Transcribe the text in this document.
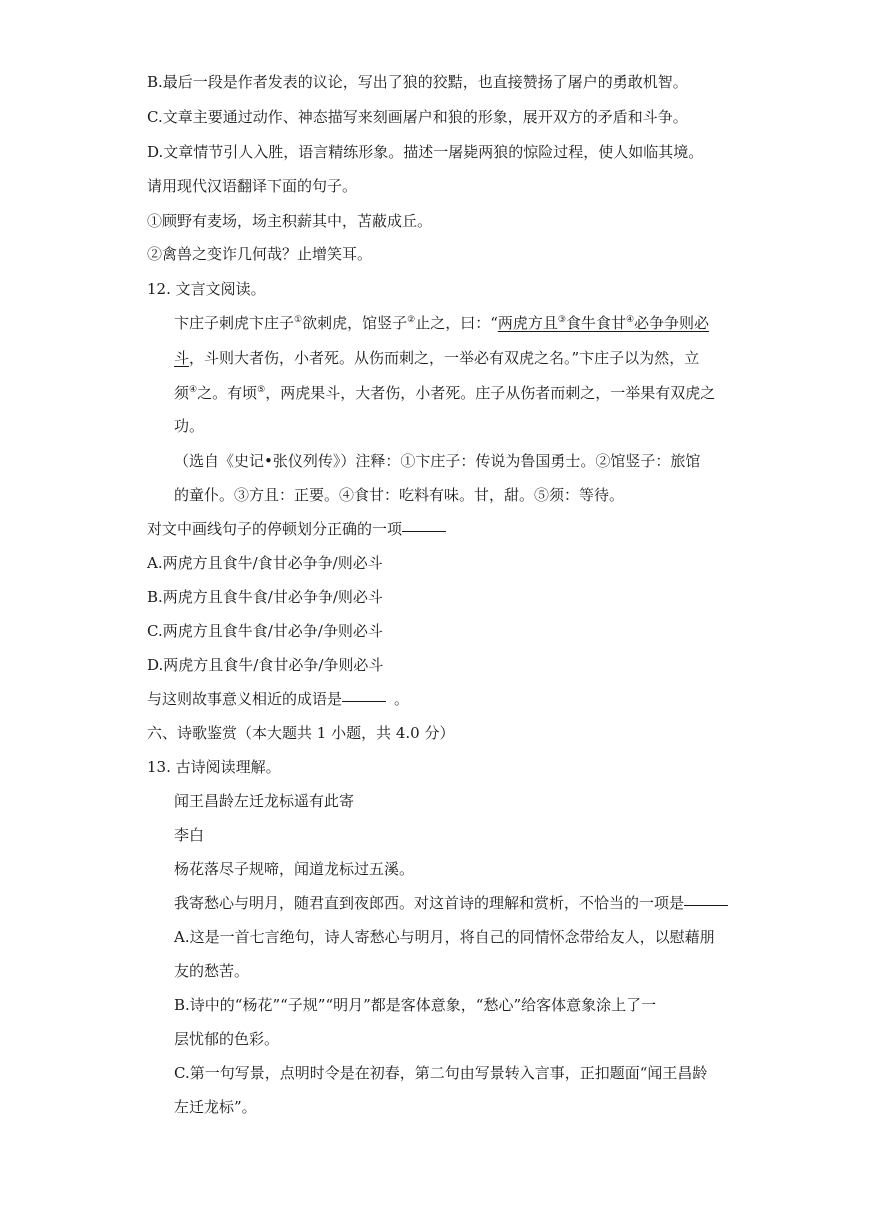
B.最后一段是作者发表的议论，写出了狼的狡黠，也直接赞扬了屠户的勇敢机智。
C.文章主要通过动作、神态描写来刻画屠户和狼的形象，展开双方的矛盾和斗争。
D.文章情节引人入胜，语言精练形象。描述一屠毙两狼的惊险过程，使人如临其境。
请用现代汉语翻译下面的句子。
①顾野有麦场，场主积薪其中，苫蔽成丘。
②禽兽之变诈几何哉？止增笑耳。
12. 文言文阅读。
卞庄子刺虎卞庄子①欲刺虎，馆竖子②止之，曰：“两虎方且③食牛食甘④必争争则必
斗，斗则大者伤，小者死。从伤而刺之，一举必有双虎之名。”卞庄子以为然，立
须④之。有顷⑤，两虎果斗，大者伤，小者死。庄子从伤者而刺之，一举果有双虎之
功。
（选自《史记•张仪列传》）注释：①卞庄子：传说为鲁国勇士。②馆竖子：旅馆
的童仆。③方且：正要。④食甘：吃料有味。甘，甜。⑤须：等待。
对文中画线句子的停顿划分正确的一项
A.两虎方且食牛/食甘必争争/则必斗
B.两虎方且食牛食/甘必争争/则必斗
C.两虎方且食牛食/甘必争/争则必斗
D.两虎方且食牛/食甘必争/争则必斗
与这则故事意义相近的成语是	。
六、诗歌鉴赏（本大题共 1 小题，共 4.0 分）
13. 古诗阅读理解。
闻王昌龄左迁龙标遥有此寄
李白
杨花落尽子规啼，闻道龙标过五溪。
我寄愁心与明月，随君直到夜郎西。对这首诗的理解和赏析，不恰当的一项是
A.这是一首七言绝句，诗人寄愁心与明月，将自己的同情怀念带给友人，以慰藉朋
友的愁苦。
B.诗中的“杨花”“子规”“明月”都是客体意象，“愁心”给客体意象涂上了一
层忧郁的色彩。
C.第一句写景，点明时令是在初春，第二句由写景转入言事，正扣题面“闻王昌龄
左迁龙标”。
